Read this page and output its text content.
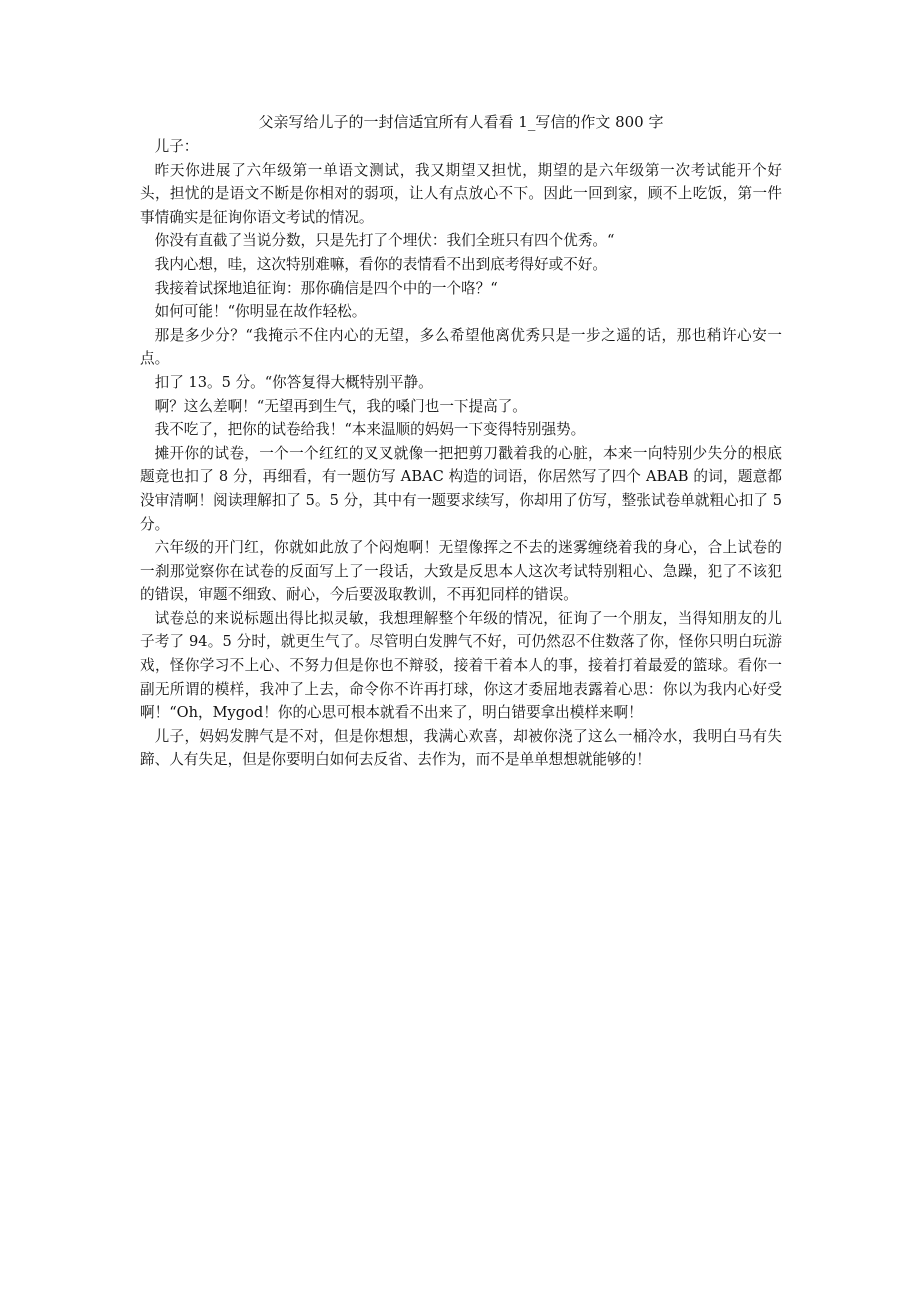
父亲写给儿子的一封信适宜所有人看看 1_写信的作文 800 字

儿子：

昨天你进展了六年级第一单语文测试，我又期望又担忧，期望的是六年级第一次考试能开个好头，担忧的是语文不断是你相对的弱项，让人有点放心不下。因此一回到家，顾不上吃饭，第一件事情确实是征询你语文考试的情况。

你没有直截了当说分数，只是先打了个埋伏：我们全班只有四个优秀。“

我内心想，哇，这次特别难嘛，看你的表情看不出到底考得好或不好。

我接着试探地追征询：那你确信是四个中的一个咯？“

如何可能！“你明显在故作轻松。

那是多少分？“我掩示不住内心的无望，多么希望他离优秀只是一步之遥的话，那也稍许心安一点。

扣了 13。5 分。“你答复得大概特别平静。

啊？这么差啊！“无望再到生气，我的嗓门也一下提高了。

我不吃了，把你的试卷给我！“本来温顺的妈妈一下变得特别强势。

摊开你的试卷，一个一个红红的叉叉就像一把把剪刀戳着我的心脏，本来一向特别少失分的根底题竟也扣了 8 分，再细看，有一题仿写 ABAC 构造的词语，你居然写了四个 ABAB 的词，题意都没审清啊！阅读理解扣了 5。5 分，其中有一题要求续写，你却用了仿写，整张试卷单就粗心扣了 5 分。

六年级的开门红，你就如此放了个闷炮啊！无望像挥之不去的迷雾缠绕着我的身心，合上试卷的一刹那觉察你在试卷的反面写上了一段话，大致是反思本人这次考试特别粗心、急躁，犯了不该犯的错误，审题不细致、耐心，今后要汲取教训，不再犯同样的错误。

试卷总的来说标题出得比拟灵敏，我想理解整个年级的情况，征询了一个朋友，当得知朋友的儿子考了 94。5 分时，就更生气了。尽管明白发脾气不好，可仍然忍不住数落了你，怪你只明白玩游戏，怪你学习不上心、不努力但是你也不辩驳，接着干着本人的事，接着打着最爱的篮球。看你一副无所谓的模样，我冲了上去，命令你不许再打球，你这才委屈地表露着心思：你以为我内心好受啊！“Oh，Mygod！你的心思可根本就看不出来了，明白错要拿出模样来啊！

儿子，妈妈发脾气是不对，但是你想想，我满心欢喜，却被你浇了这么一桶冷水，我明白马有失蹄、人有失足，但是你要明白如何去反省、去作为，而不是单单想想就能够的！
